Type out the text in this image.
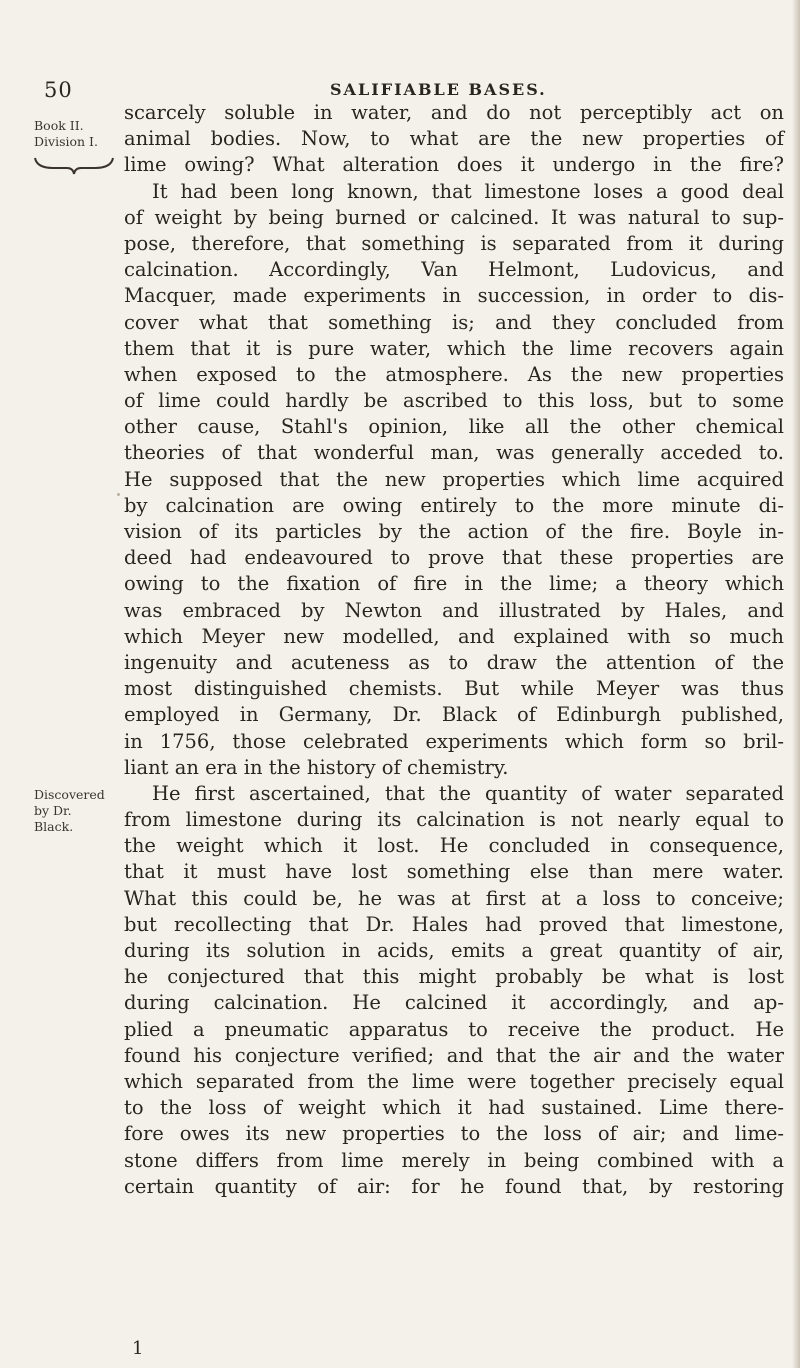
50	SALIFIABLE BASES.
Book II.
Division I.
Discovered
by Dr.
Black.
scarcely soluble in water, and do not perceptibly act on
animal bodies. Now, to what are the new properties of
lime owing? What alteration does it undergo in the fire?
It had been long known, that limestone loses a good deal
of weight by being burned or calcined. It was natural to sup-
pose, therefore, that something is separated from it during
calcination. Accordingly, Van Helmont, Ludovicus, and
Macquer, made experiments in succession, in order to dis-
cover what that something is; and they concluded from
them that it is pure water, which the lime recovers again
when exposed to the atmosphere. As the new properties
of lime could hardly be ascribed to this loss, but to some
other cause, Stahl's opinion, like all the other chemical
theories of that wonderful man, was generally acceded to.
He supposed that the new properties which lime acquired
by calcination are owing entirely to the more minute di-
vision of its particles by the action of the fire. Boyle in-
deed had endeavoured to prove that these properties are
owing to the fixation of fire in the lime; a theory which
was embraced by Newton and illustrated by Hales, and
which Meyer new modelled, and explained with so much
ingenuity and acuteness as to draw the attention of the
most distinguished chemists. But while Meyer was thus
employed in Germany, Dr. Black of Edinburgh published,
in 1756, those celebrated experiments which form so bril-
liant an era in the history of chemistry.
He first ascertained, that the quantity of water separated
from limestone during its calcination is not nearly equal to
the weight which it lost. He concluded in consequence,
that it must have lost something else than mere water.
What this could be, he was at first at a loss to conceive;
but recollecting that Dr. Hales had proved that limestone,
during its solution in acids, emits a great quantity of air,
he conjectured that this might probably be what is lost
during calcination. He calcined it accordingly, and ap-
plied a pneumatic apparatus to receive the product. He
found his conjecture verified; and that the air and the water
which separated from the lime were together precisely equal
to the loss of weight which it had sustained. Lime there-
fore owes its new properties to the loss of air; and lime-
stone differs from lime merely in being combined with a
certain quantity of air: for he found that, by restoring
1
